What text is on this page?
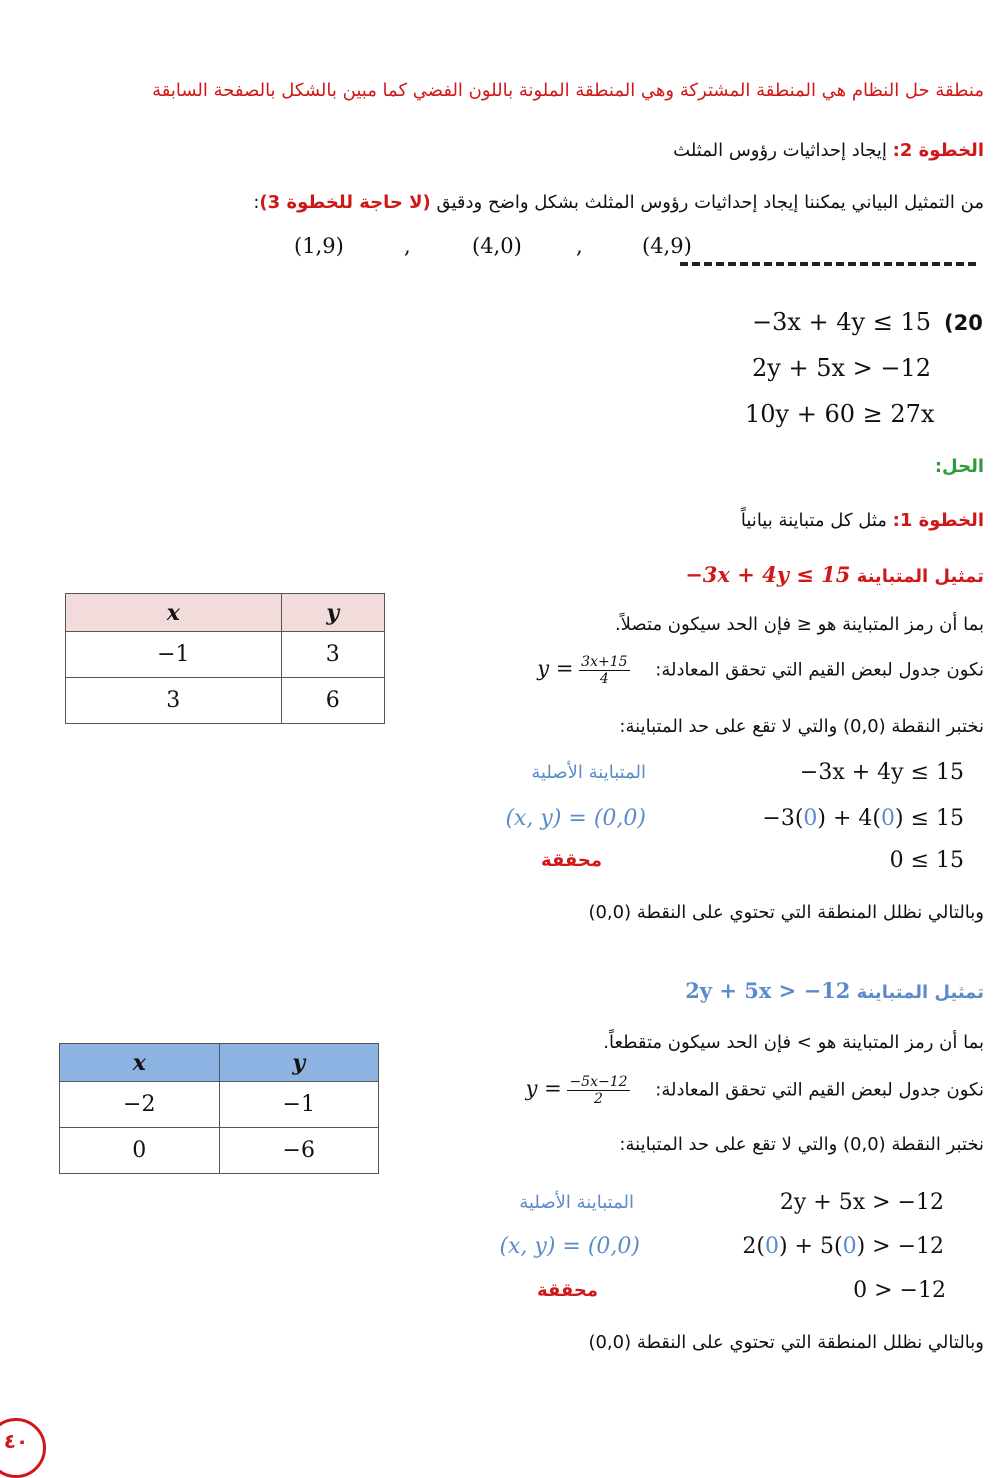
منطقة حل النظام هي المنطقة المشتركة وهي المنطقة الملونة باللون الفضي كما مبين بالشكل بالصفحة السابقة
الخطوة 2: إيجاد إحداثيات رؤوس المثلث
من التمثيل البياني يمكننا إيجاد إحداثيات رؤوس المثلث بشكل واضح ودقيق (لا حاجة للخطوة 3):
(4,9)
,
(4,0)
,
(1,9)
20)
−3x + 4y ≤ 15
2y + 5x > −12
10y + 60 ≥ 27x
الحل:
الخطوة 1: مثل كل متباينة بيانياً
تمثيل المتباينة −3x + 4y ≤ 15
x	y
−1	3
3	6
بما أن رمز المتباينة هو ≤ فإن الحد سيكون متصلاً.
نكون جدول لبعض القيم التي تحقق المعادلة: $y = \frac{3x+15}{4}$
نختبر النقطة (0,0) والتي لا تقع على حد المتباينة:
−3x + 4y ≤ 15
المتباينة الأصلية
−3(0) + 4(0) ≤ 15
(x, y) = (0,0)
0 ≤ 15
محققة
وبالتالي نظلل المنطقة التي تحتوي على النقطة (0,0)
تمثيل المتباينة 2y + 5x > −12
x	y
−2	−1
0	−6
بما أن رمز المتباينة هو > فإن الحد سيكون متقطعاً.
نكون جدول لبعض القيم التي تحقق المعادلة: $y = \frac{-5x-12}{2}$
نختبر النقطة (0,0) والتي لا تقع على حد المتباينة:
2y + 5x > −12
المتباينة الأصلية
2(0) + 5(0) > −12
(x, y) = (0,0)
0 > −12
محققة
وبالتالي نظلل المنطقة التي تحتوي على النقطة (0,0)
٤٠
